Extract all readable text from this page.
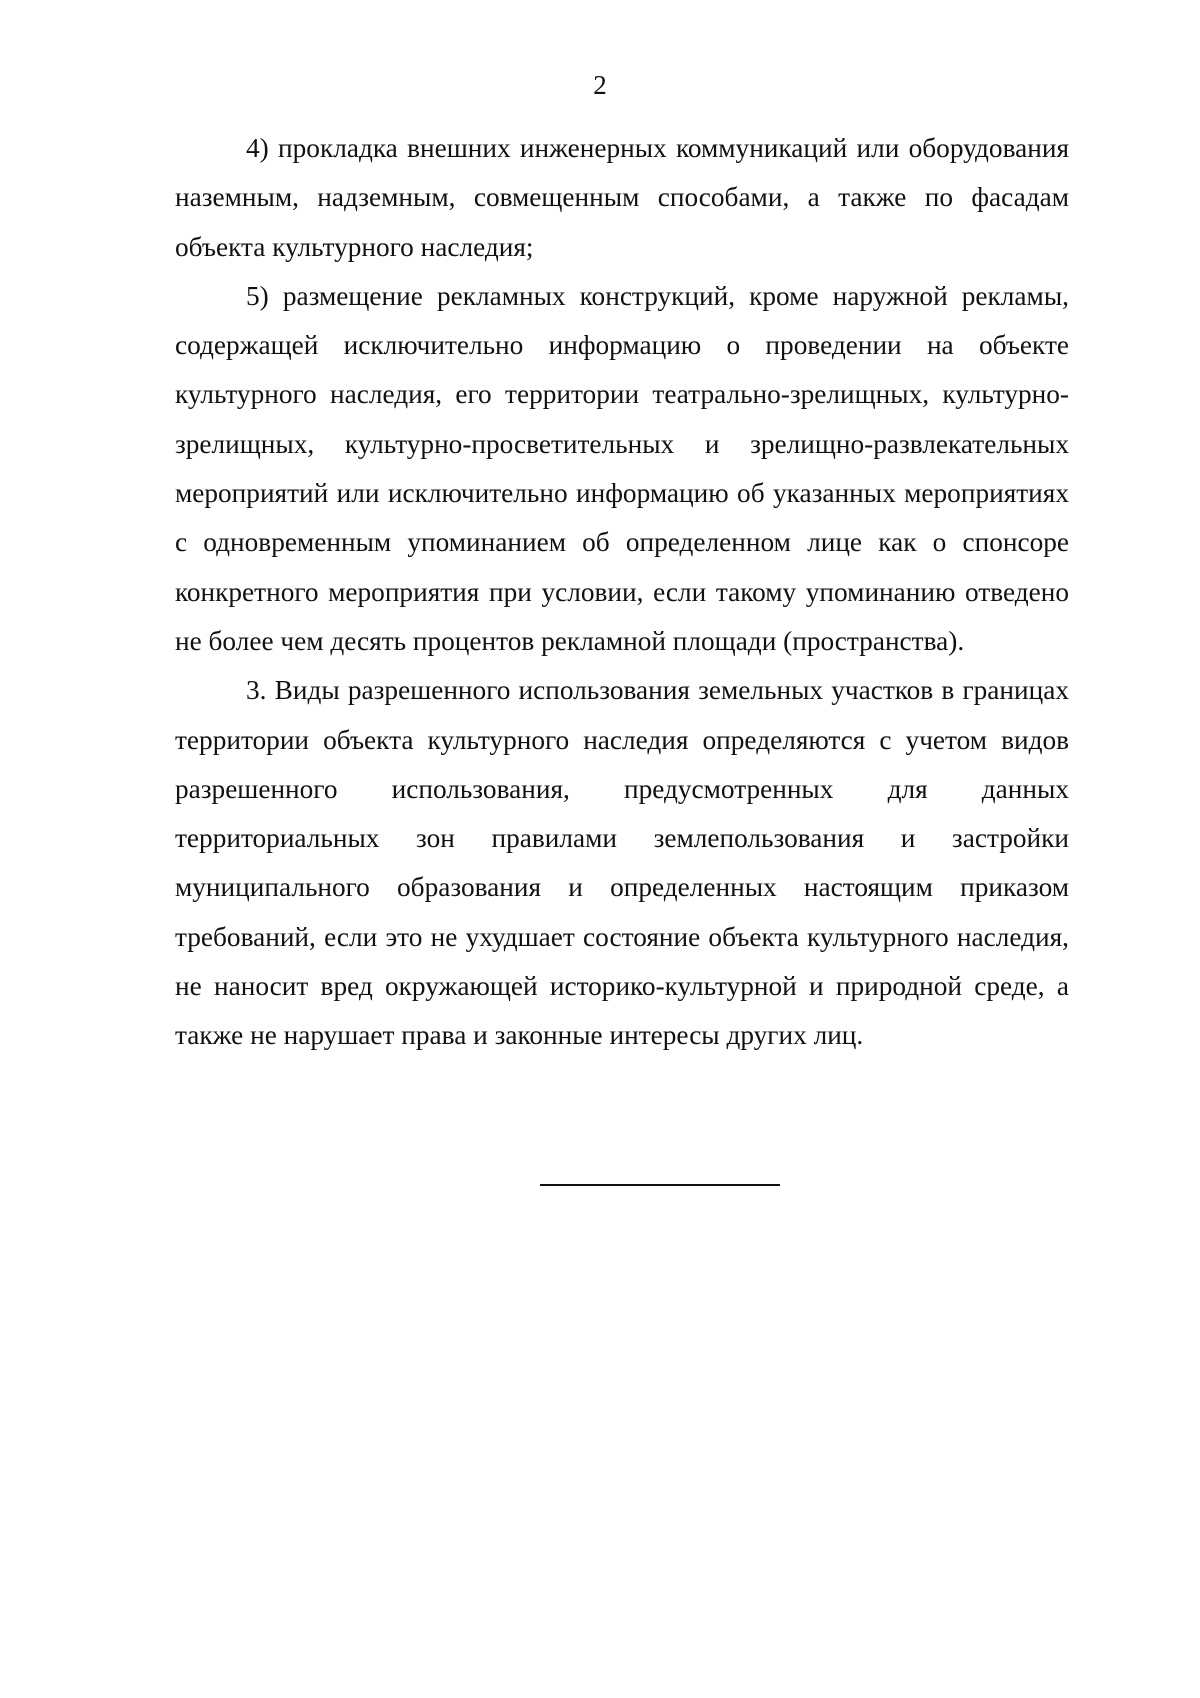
2

4) прокладка внешних инженерных коммуникаций или оборудования наземным, надземным, совмещенным способами, а также по фасадам объекта культурного наследия;

5) размещение рекламных конструкций, кроме наружной рекламы, содержащей исключительно информацию о проведении на объекте культурного наследия, его территории театрально-зрелищных, культурно-зрелищных, культурно-просветительных и зрелищно-развлекательных мероприятий или исключительно информацию об указанных мероприятиях с одновременным упоминанием об определенном лице как о спонсоре конкретного мероприятия при условии, если такому упоминанию отведено не более чем десять процентов рекламной площади (пространства).

3. Виды разрешенного использования земельных участков в границах территории объекта культурного наследия определяются с учетом видов разрешенного использования, предусмотренных для данных территориальных зон правилами землепользования и застройки муниципального образования и определенных настоящим приказом требований, если это не ухудшает состояние объекта культурного наследия, не наносит вред окружающей историко-культурной и природной среде, а также не нарушает права и законные интересы других лиц.
